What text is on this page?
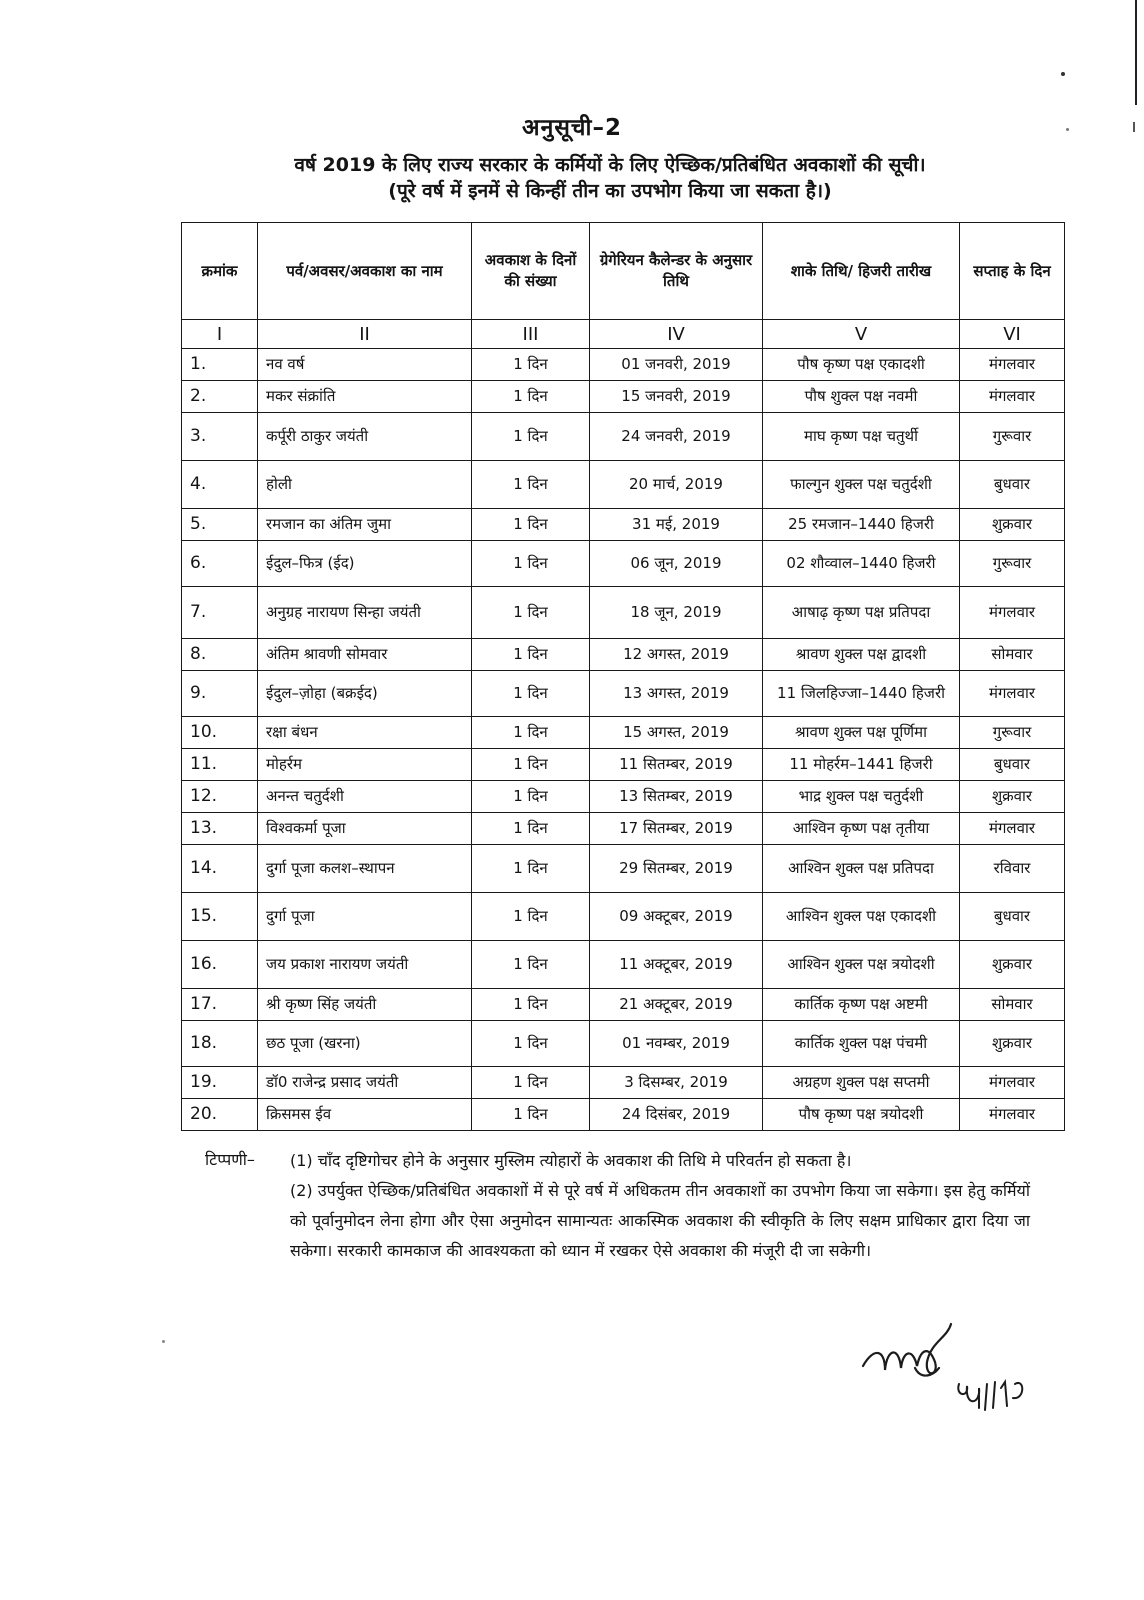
अनुसूची–2
वर्ष 2019 के लिए राज्य सरकार के कर्मियों के लिए ऐच्छिक/प्रतिबंधित अवकाशों की सूची।
(पूरे वर्ष में इनमें से किन्हीं तीन का उपभोग किया जा सकता है।)
क्रमांक	पर्व/अवसर/अवकाश का नाम	अवकाश के दिनों की संख्या	ग्रेगेरियन कैलेन्डर के अनुसार तिथि	शाके तिथि/ हिजरी तारीख	सप्ताह के दिन
I	II	III	IV	V	VI
1.	नव वर्ष	1 दिन	01 जनवरी, 2019	पौष कृष्ण पक्ष एकादशी	मंगलवार
2.	मकर संक्रांति	1 दिन	15 जनवरी, 2019	पौष शुक्ल पक्ष नवमी	मंगलवार
3.	कर्पूरी ठाकुर जयंती	1 दिन	24 जनवरी, 2019	माघ कृष्ण पक्ष चतुर्थी	गुरूवार
4.	होली	1 दिन	20 मार्च, 2019	फाल्गुन शुक्ल पक्ष चतुर्दशी	बुधवार
5.	रमजान का अंतिम जुमा	1 दिन	31 मई, 2019	25 रमजान–1440 हिजरी	शुक्रवार
6.	ईदुल–फित्र (ईद)	1 दिन	06 जून, 2019	02 शौव्वाल–1440 हिजरी	गुरूवार
7.	अनुग्रह नारायण सिन्हा जयंती	1 दिन	18 जून, 2019	आषाढ़ कृष्ण पक्ष प्रतिपदा	मंगलवार
8.	अंतिम श्रावणी सोमवार	1 दिन	12 अगस्त, 2019	श्रावण शुक्ल पक्ष द्वादशी	सोमवार
9.	ईदुल–ज़ोहा (बक्रईद)	1 दिन	13 अगस्त, 2019	11 जिलहिज्जा–1440 हिजरी	मंगलवार
10.	रक्षा बंधन	1 दिन	15 अगस्त, 2019	श्रावण शुक्ल पक्ष पूर्णिमा	गुरूवार
11.	मोहर्रम	1 दिन	11 सितम्बर, 2019	11 मोहर्रम–1441 हिजरी	बुधवार
12.	अनन्त चतुर्दशी	1 दिन	13 सितम्बर, 2019	भाद्र शुक्ल पक्ष चतुर्दशी	शुक्रवार
13.	विश्वकर्मा पूजा	1 दिन	17 सितम्बर, 2019	आश्विन कृष्ण पक्ष तृतीया	मंगलवार
14.	दुर्गा पूजा कलश–स्थापन	1 दिन	29 सितम्बर, 2019	आश्विन शुक्ल पक्ष प्रतिपदा	रविवार
15.	दुर्गा पूजा	1 दिन	09 अक्टूबर, 2019	आश्विन शुक्ल पक्ष एकादशी	बुधवार
16.	जय प्रकाश नारायण जयंती	1 दिन	11 अक्टूबर, 2019	आश्विन शुक्ल पक्ष त्रयोदशी	शुक्रवार
17.	श्री कृष्ण सिंह जयंती	1 दिन	21 अक्टूबर, 2019	कार्तिक कृष्ण पक्ष अष्टमी	सोमवार
18.	छठ पूजा (खरना)	1 दिन	01 नवम्बर, 2019	कार्तिक शुक्ल पक्ष पंचमी	शुक्रवार
19.	डॉ0 राजेन्द्र प्रसाद जयंती	1 दिन	3 दिसम्बर, 2019	अग्रहण शुक्ल पक्ष सप्तमी	मंगलवार
20.	क्रिसमस ईव	1 दिन	24 दिसंबर, 2019	पौष कृष्ण पक्ष त्रयोदशी	मंगलवार
टिप्पणी– (1) चाँद दृष्टिगोचर होने के अनुसार मुस्लिम त्योहारों के अवकाश की तिथि मे परिवर्तन हो सकता है।

(2) उपर्युक्त ऐच्छिक/प्रतिबंधित अवकाशों में से पूरे वर्ष में अधिकतम तीन अवकाशों का उपभोग किया जा सकेगा। इस हेतु कर्मियों को पूर्वानुमोदन लेना होगा और ऐसा अनुमोदन सामान्यतः आकस्मिक अवकाश की स्वीकृति के लिए सक्षम प्राधिकार द्वारा दिया जा सकेगा। सरकारी कामकाज की आवश्यकता को ध्यान में रखकर ऐसे अवकाश की मंजूरी दी जा सकेगी।
